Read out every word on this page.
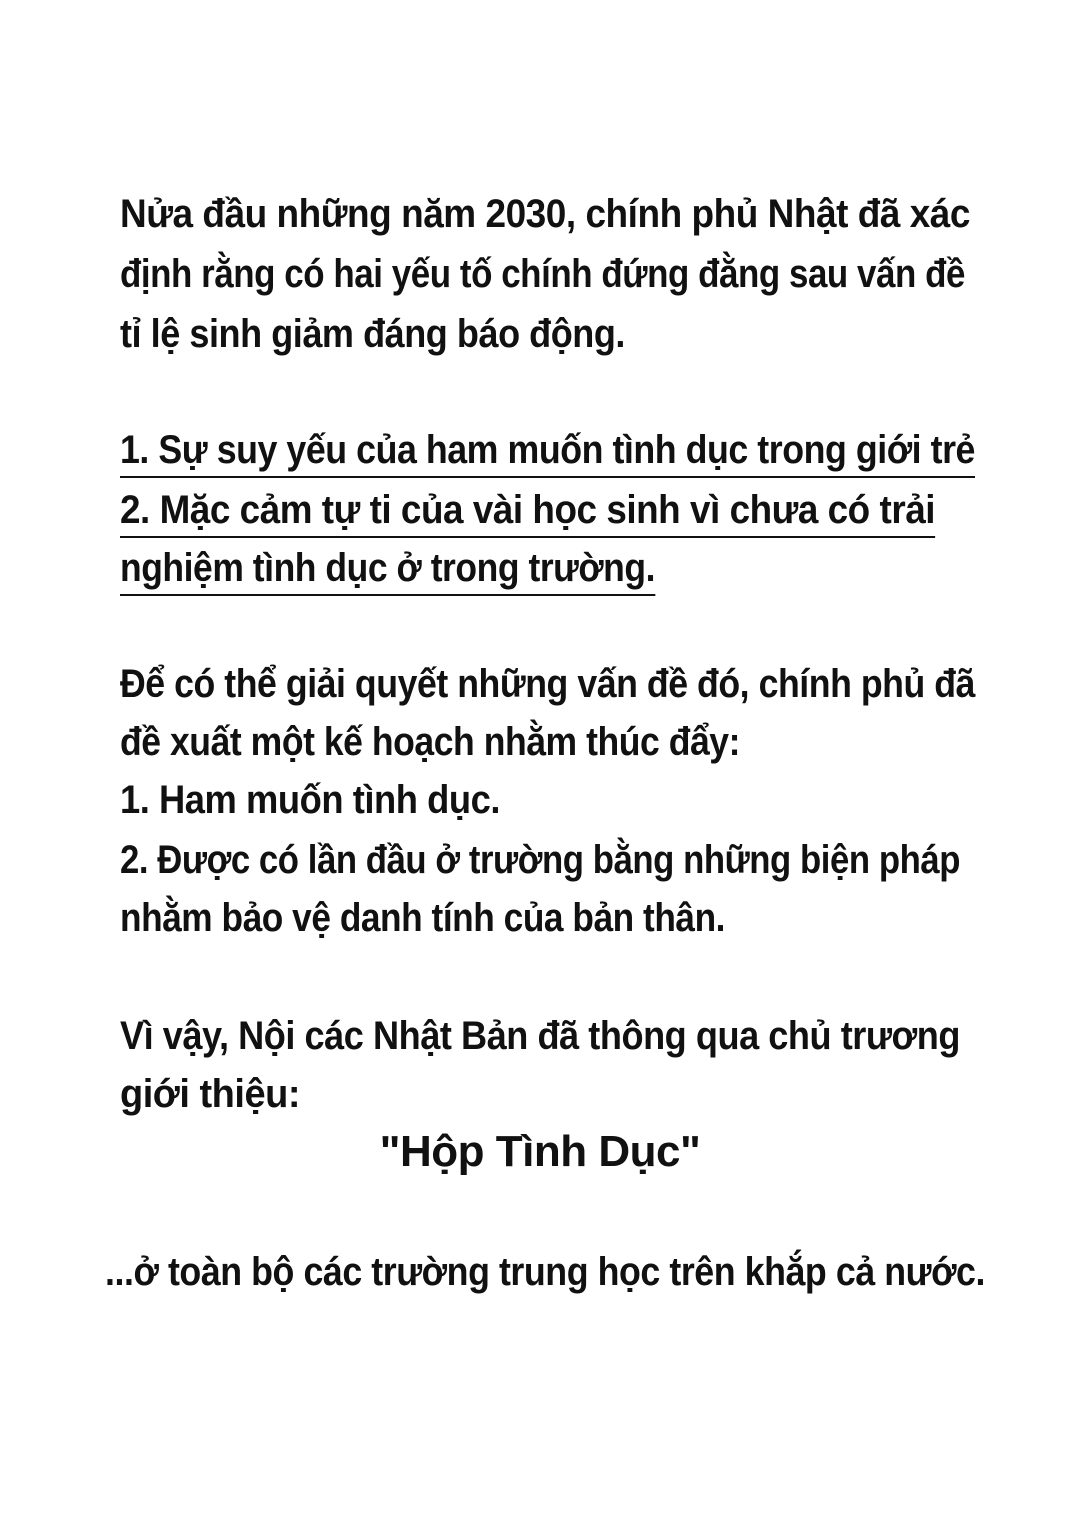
Nửa đầu những năm 2030, chính phủ Nhật đã xác
định rằng có hai yếu tố chính đứng đằng sau vấn đề
tỉ lệ sinh giảm đáng báo động.
1. Sự suy yếu của ham muốn tình dục trong giới trẻ
2. Mặc cảm tự ti của vài học sinh vì chưa có trải
nghiệm tình dục ở trong trường.
Để có thể giải quyết những vấn đề đó, chính phủ đã
đề xuất một kế hoạch nhằm thúc đẩy:
1. Ham muốn tình dục.
2. Được có lần đầu ở trường bằng những biện pháp
nhằm bảo vệ danh tính của bản thân.
Vì vậy, Nội các Nhật Bản đã thông qua chủ trương
giới thiệu:
"Hộp Tình Dục"
...ở toàn bộ các trường trung học trên khắp cả nước.
